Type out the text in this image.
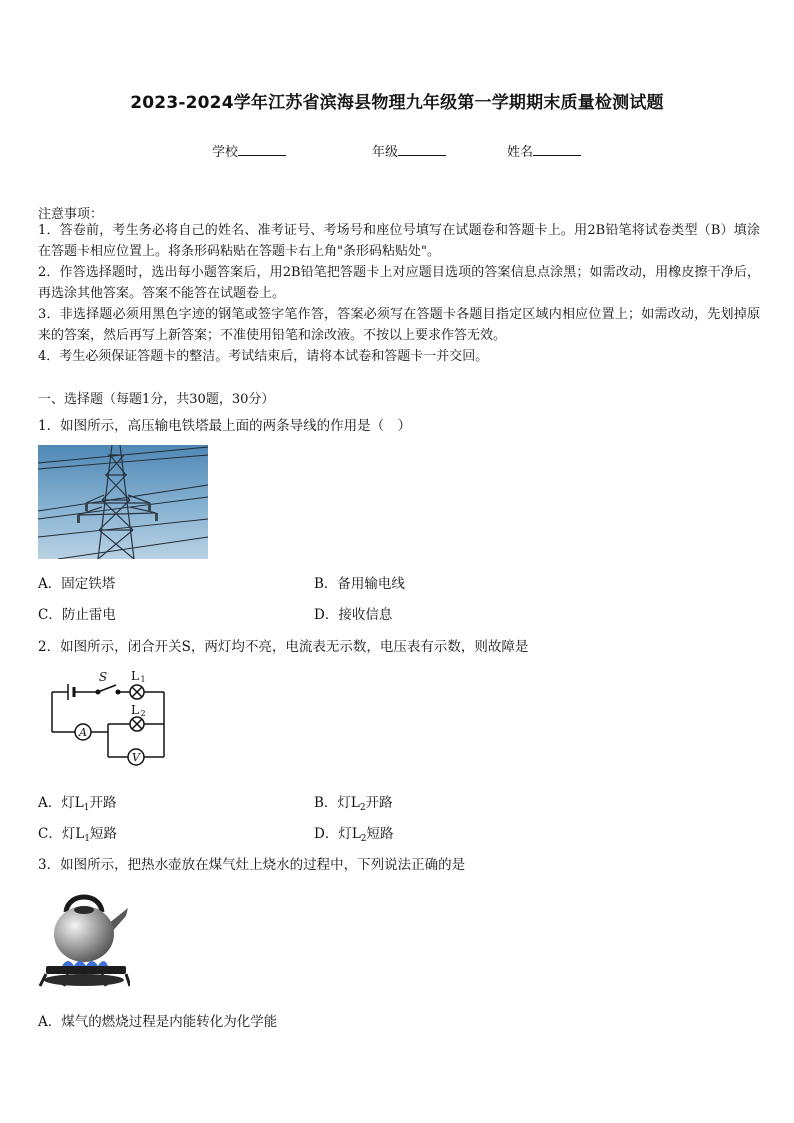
2023-2024学年江苏省滨海县物理九年级第一学期期末质量检测试题
学校	年级	姓名
注意事项：
1．答卷前，考生务必将自己的姓名、准考证号、考场号和座位号填写在试题卷和答题卡上。用2B铅笔将试卷类型（B）填涂在答题卡相应位置上。将条形码粘贴在答题卡右上角"条形码粘贴处"。
2．作答选择题时，选出每小题答案后，用2B铅笔把答题卡上对应题目选项的答案信息点涂黑；如需改动，用橡皮擦干净后，再选涂其他答案。答案不能答在试题卷上。
3．非选择题必须用黑色字迹的钢笔或签字笔作答，答案必须写在答题卡各题目指定区域内相应位置上；如需改动，先划掉原来的答案，然后再写上新答案；不准使用铅笔和涂改液。不按以上要求作答无效。
4．考生必须保证答题卡的整洁。考试结束后，请将本试卷和答题卡一并交回。
一、选择题（每题1分，共30题，30分）
1．如图所示，高压输电铁塔最上面的两条导线的作用是（　）
A．固定铁塔	B．备用输电线
C．防止雷电	D．接收信息
2．如图所示，闭合开关S，两灯均不亮，电流表无示数，电压表有示数，则故障是
S L 1
L 2
A
V
A．灯$L_1$开路	B．灯$L_2$开路
C．灯$L_1$短路	D．灯$L_2$短路
3．如图所示，把热水壶放在煤气灶上烧水的过程中，下列说法正确的是
A．煤气的燃烧过程是内能转化为化学能
